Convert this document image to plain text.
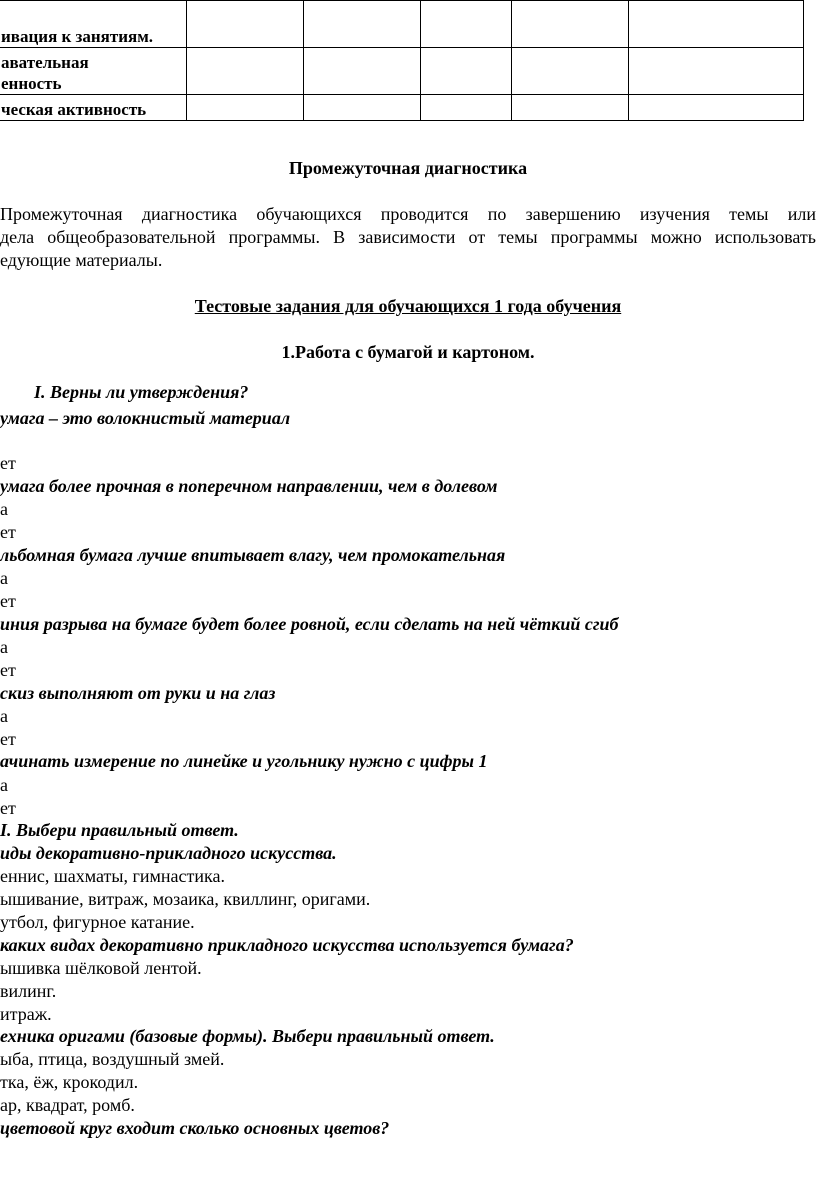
ивация к занятиям.					

авательная
енность					

ческая активность					

Промежуточная диагностика
Промежуточная диагностика обучающихся проводится по завершению изучения темы или
дела общеобразовательной программы. В зависимости от темы программы можно использовать
едующие материалы.
Тестовые задания для обучающихся 1 года обучения
1.Работа с бумагой и картоном.
I. Верны ли утверждения?
умага – это волокнистый материал
ет
умага более прочная в поперечном направлении, чем в долевом
а
ет
льбомная бумага лучше впитывает влагу, чем промокательная
а
ет
иния разрыва на бумаге будет более ровной, если сделать на ней чёткий сгиб
а
ет
скиз выполняют от руки и на глаз
а
ет
ачинать измерение по линейке и угольнику нужно с цифры 1
а
ет
I. Выбери правильный ответ.
иды декоративно-прикладного искусства.
еннис, шахматы, гимнастика.
ышивание, витраж, мозаика, квиллинг, оригами.
утбол, фигурное катание.
каких видах декоративно прикладного искусства используется бумага?
ышивка шёлковой лентой.
вилинг.
итраж.
ехника оригами (базовые формы). Выбери правильный ответ.
ыба, птица, воздушный змей.
тка, ёж, крокодил.
ар, квадрат, ромб.
цветовой круг входит сколько основных цветов?
